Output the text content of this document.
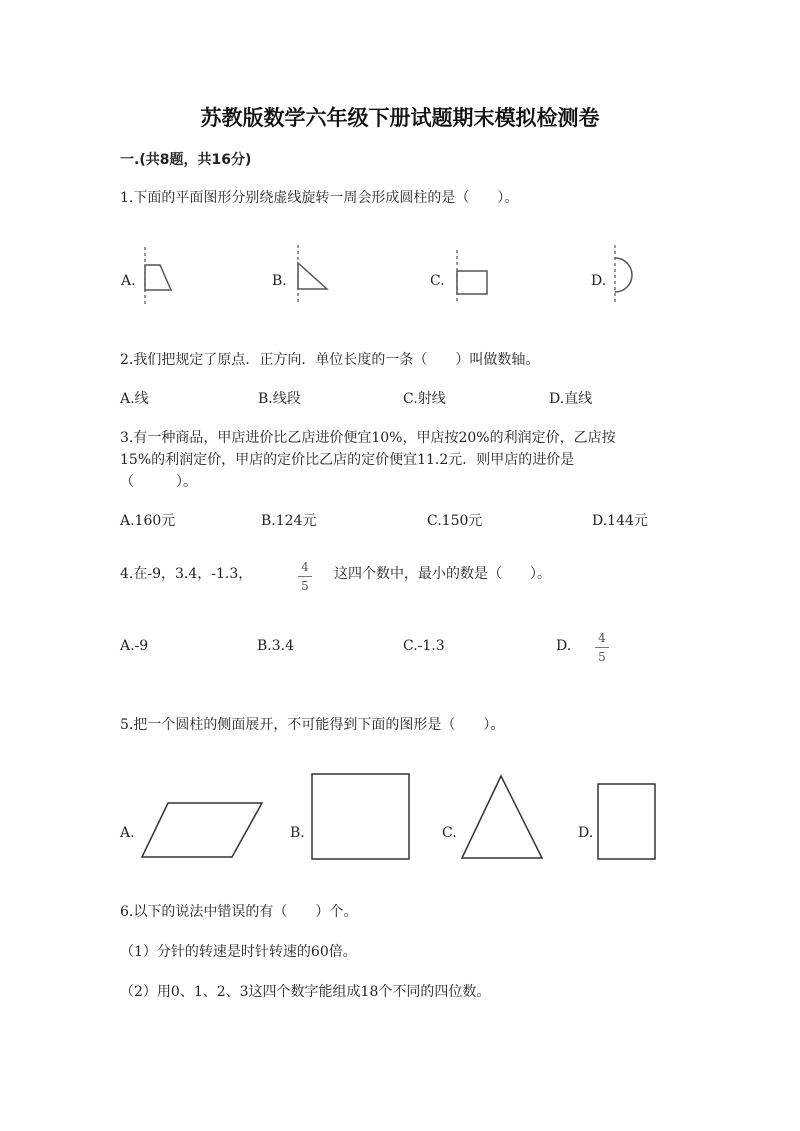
苏教版数学六年级下册试题期末模拟检测卷
一.(共8题，共16分)
1.下面的平面图形分别绕虚线旋转一周会形成圆柱的是（　　）。
A.	B.	C.	D.
2.我们把规定了原点．正方向．单位长度的一条（　　）叫做数轴。
A.线	B.线段	C.射线	D.直线
3.有一种商品，甲店进价比乙店进价便宜10%，甲店按20%的利润定价，乙店按
15%的利润定价，甲店的定价比乙店的定价便宜11.2元．则甲店的进价是
（　　　）。
A.160元	B.124元	C.150元	D.144元
4.在-9，3.4，-1.3，	$\frac{4}{5}$ 这四个数中，最小的数是（　　）。
A.-9	B.3.4	C.-1.3	D. $\frac{4}{5}$
5.把一个圆柱的侧面展开，不可能得到下面的图形是（　　）。
A.	B.	C.	D.
6.以下的说法中错误的有（　　）个。
（1）分针的转速是时针转速的60倍。
（2）用0、1、2、3这四个数字能组成18个不同的四位数。
